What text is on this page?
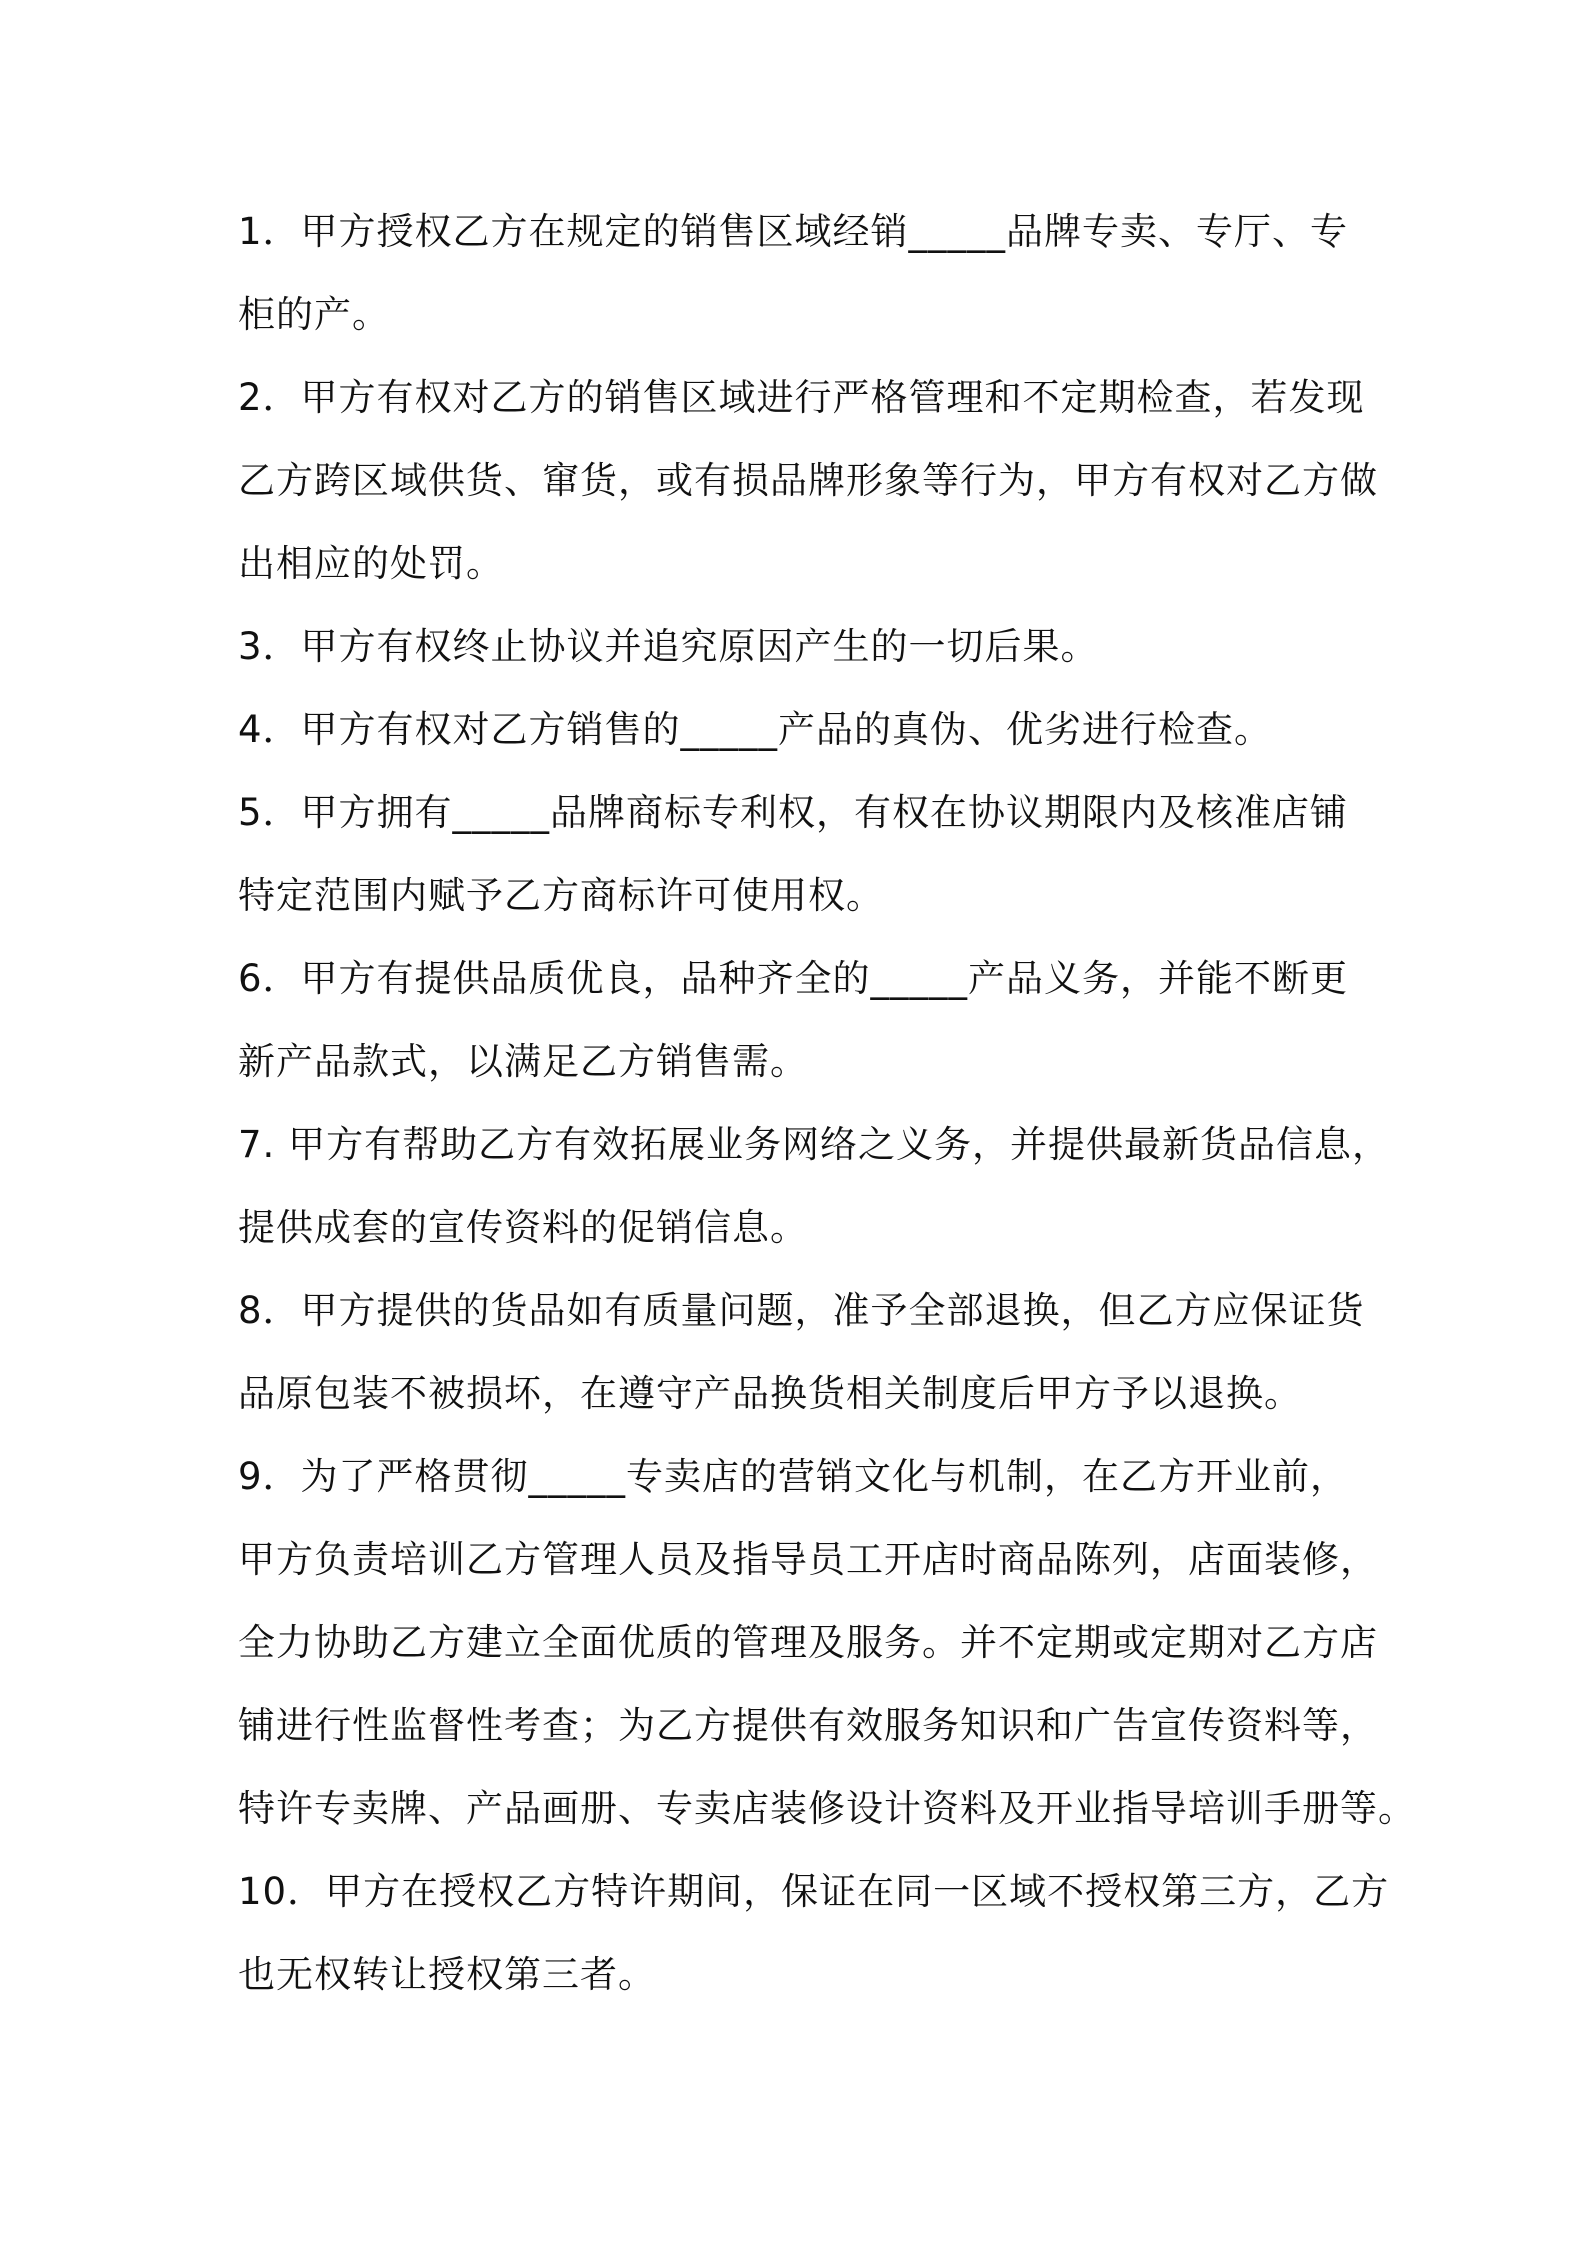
1．甲方授权乙方在规定的销售区域经销_____品牌专卖、专厅、专
柜的产。
2．甲方有权对乙方的销售区域进行严格管理和不定期检查，若发现
乙方跨区域供货、窜货，或有损品牌形象等行为，甲方有权对乙方做
出相应的处罚。
3．甲方有权终止协议并追究原因产生的一切后果。
4．甲方有权对乙方销售的_____产品的真伪、优劣进行检查。
5．甲方拥有_____品牌商标专利权，有权在协议期限内及核准店铺
特定范围内赋予乙方商标许可使用权。
6．甲方有提供品质优良，品种齐全的_____产品义务，并能不断更
新产品款式，以满足乙方销售需。
7. 甲方有帮助乙方有效拓展业务网络之义务，并提供最新货品信息，
提供成套的宣传资料的促销信息。
8．甲方提供的货品如有质量问题，准予全部退换，但乙方应保证货
品原包装不被损坏，在遵守产品换货相关制度后甲方予以退换。
9．为了严格贯彻_____专卖店的营销文化与机制，在乙方开业前，
甲方负责培训乙方管理人员及指导员工开店时商品陈列，店面装修，
全力协助乙方建立全面优质的管理及服务。并不定期或定期对乙方店
铺进行性监督性考查；为乙方提供有效服务知识和广告宣传资料等，
特许专卖牌、产品画册、专卖店装修设计资料及开业指导培训手册等。
10．甲方在授权乙方特许期间，保证在同一区域不授权第三方，乙方
也无权转让授权第三者。
